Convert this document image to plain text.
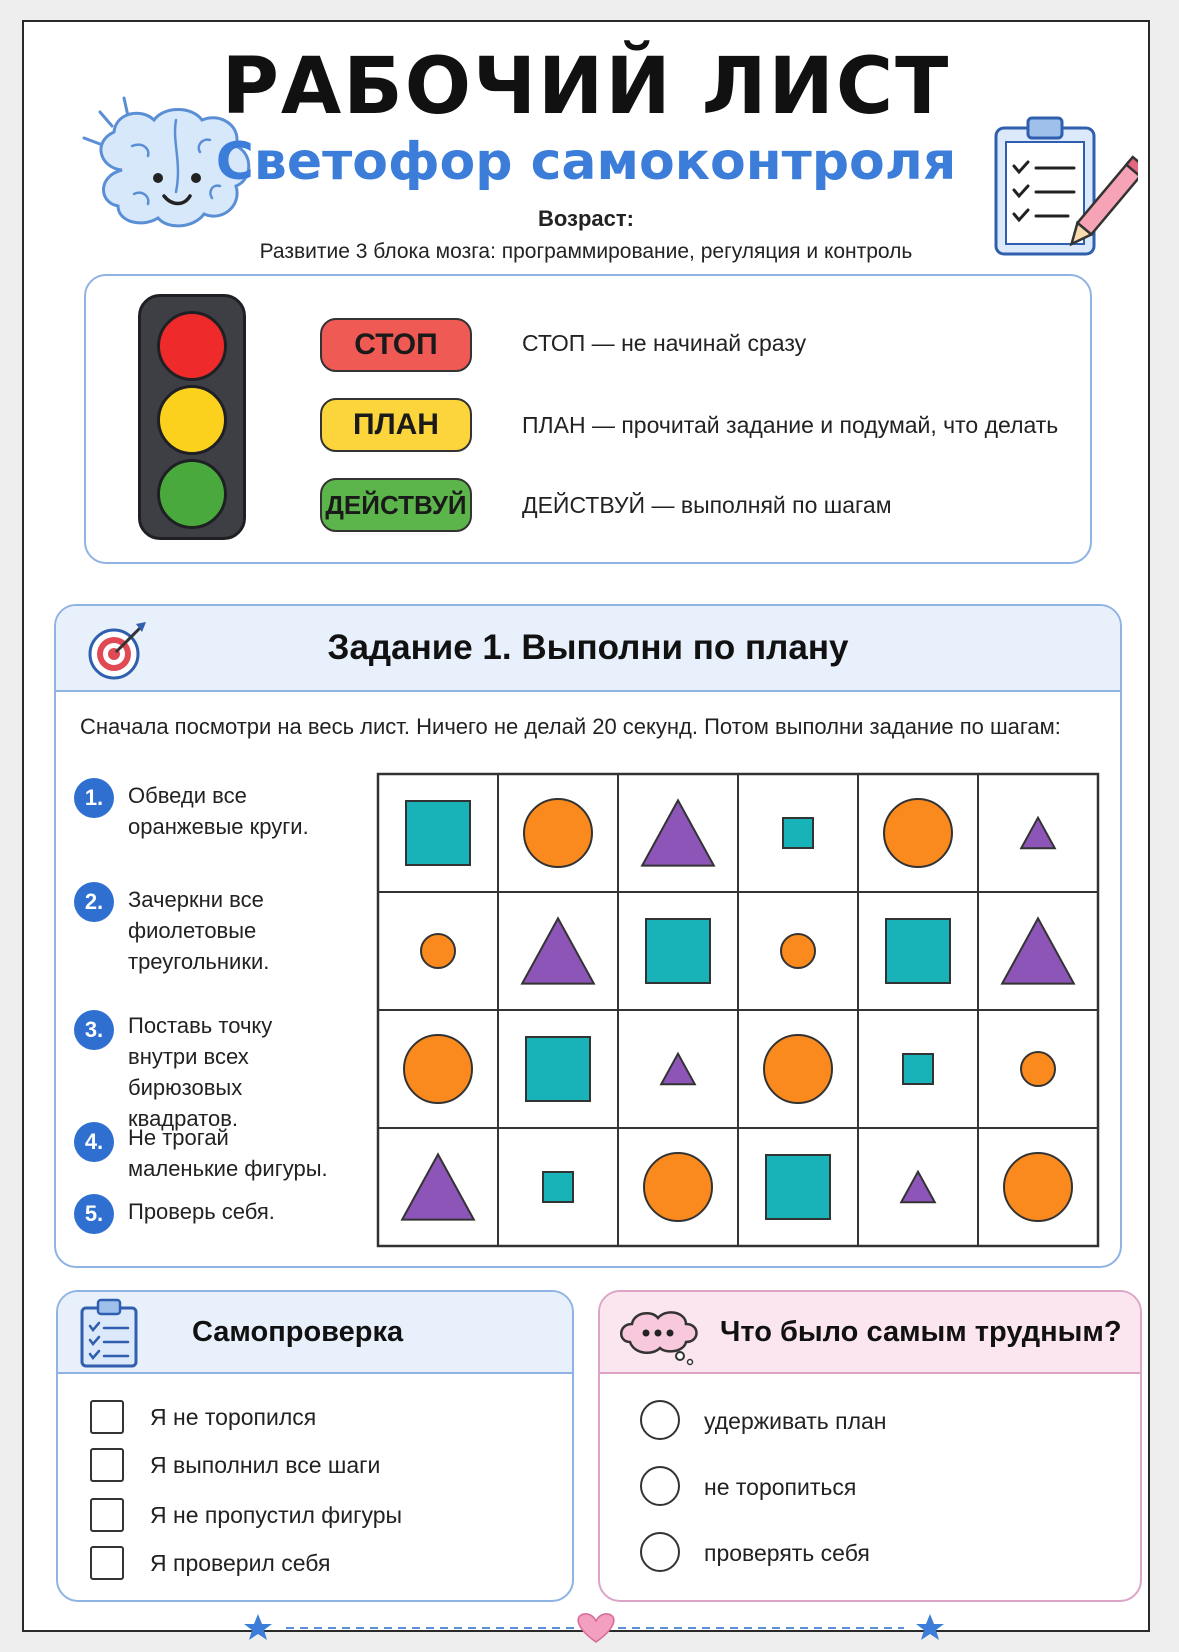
РАБОЧИЙ ЛИСТ
Светофор самоконтроля
Возраст:
Развитие 3 блока мозга: программирование, регуляция и контроль
СТОП
ПЛАН
ДЕЙСТВУЙ
СТОП — не начинай сразу
ПЛАН — прочитай задание и подумай, что делать
ДЕЙСТВУЙ — выполняй по шагам
Задание 1. Выполни по плану
Сначала посмотри на весь лист. Ничего не делай 20 секунд. Потом выполни задание по шагам:
1.	Обведи все оранжевые круги.
2.	Зачеркни все фиолетовые треугольники.
3.	Поставь точку внутри всех бирюзовых квадратов.
4.	Не трогай маленькие фигуры.
5.	Проверь себя.
Самопроверка
Я не торопился
Я выполнил все шаги
Я не пропустил фигуры
Я проверил себя
Что было самым трудным?
удерживать план
не торопиться
проверять себя
